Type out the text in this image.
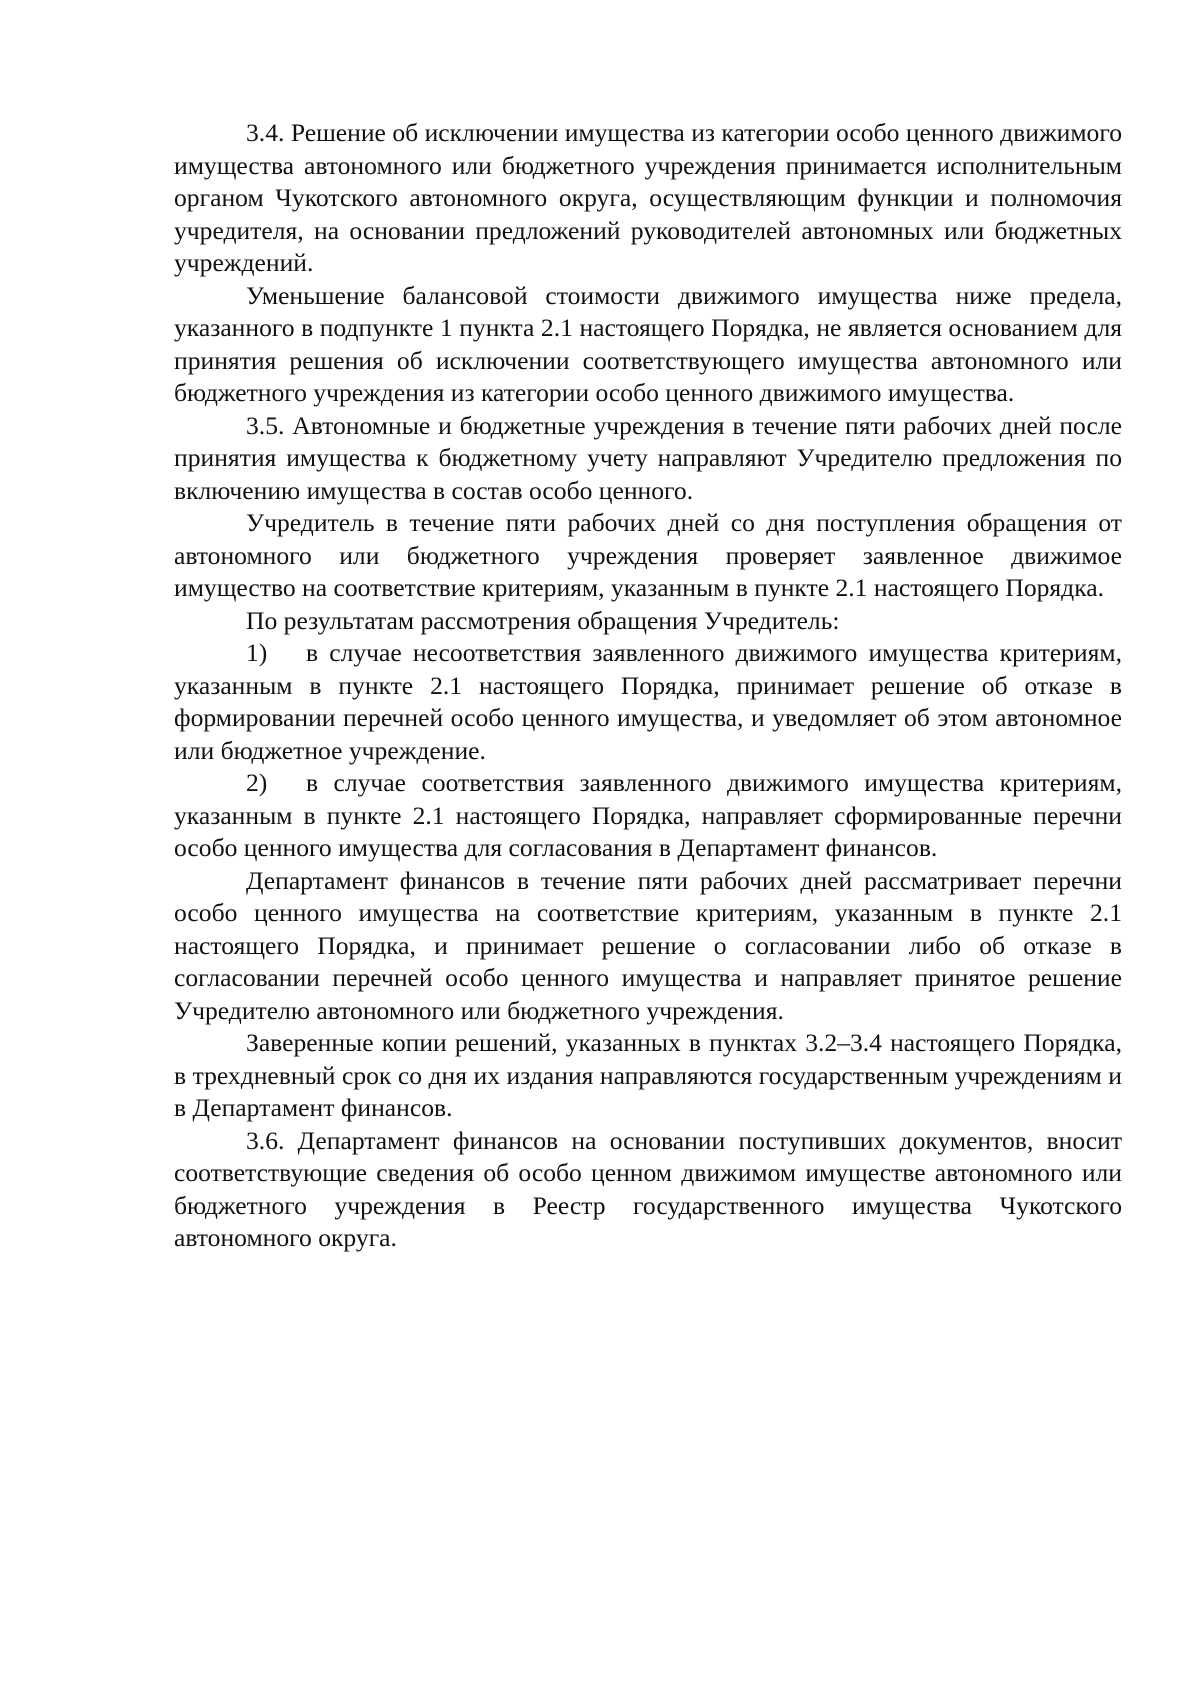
3.4. Решение об исключении имущества из категории особо ценного движимого имущества автономного или бюджетного учреждения принимается исполнительным органом Чукотского автономного округа, осуществляющим функции и полномочия учредителя, на основании предложений руководителей автономных или бюджетных учреждений.

Уменьшение балансовой стоимости движимого имущества ниже предела, указанного в подпункте 1 пункта 2.1 настоящего Порядка, не является основанием для принятия решения об исключении соответствующего имущества автономного или бюджетного учреждения из категории особо ценного движимого имущества.

3.5. Автономные и бюджетные учреждения в течение пяти рабочих дней после принятия имущества к бюджетному учету направляют Учредителю предложения по включению имущества в состав особо ценного.

Учредитель в течение пяти рабочих дней со дня поступления обращения от автономного или бюджетного учреждения проверяет заявленное движимое имущество на соответствие критериям, указанным в пункте 2.1 настоящего Порядка.

По результатам рассмотрения обращения Учредитель:

1) в случае несоответствия заявленного движимого имущества критериям, указанным в пункте 2.1 настоящего Порядка, принимает решение об отказе в формировании перечней особо ценного имущества, и уведомляет об этом автономное или бюджетное учреждение.

2) в случае соответствия заявленного движимого имущества критериям, указанным в пункте 2.1 настоящего Порядка, направляет сформированные перечни особо ценного имущества для согласования в Департамент финансов.

Департамент финансов в течение пяти рабочих дней рассматривает перечни особо ценного имущества на соответствие критериям, указанным в пункте 2.1 настоящего Порядка, и принимает решение о согласовании либо об отказе в согласовании перечней особо ценного имущества и направляет принятое решение Учредителю автономного или бюджетного учреждения.

Заверенные копии решений, указанных в пунктах 3.2–3.4 настоящего Порядка, в трехдневный срок со дня их издания направляются государственным учреждениям и в Департамент финансов.

3.6. Департамент финансов на основании поступивших документов, вносит соответствующие сведения об особо ценном движимом имуществе автономного или бюджетного учреждения в Реестр государственного имущества Чукотского автономного округа.
